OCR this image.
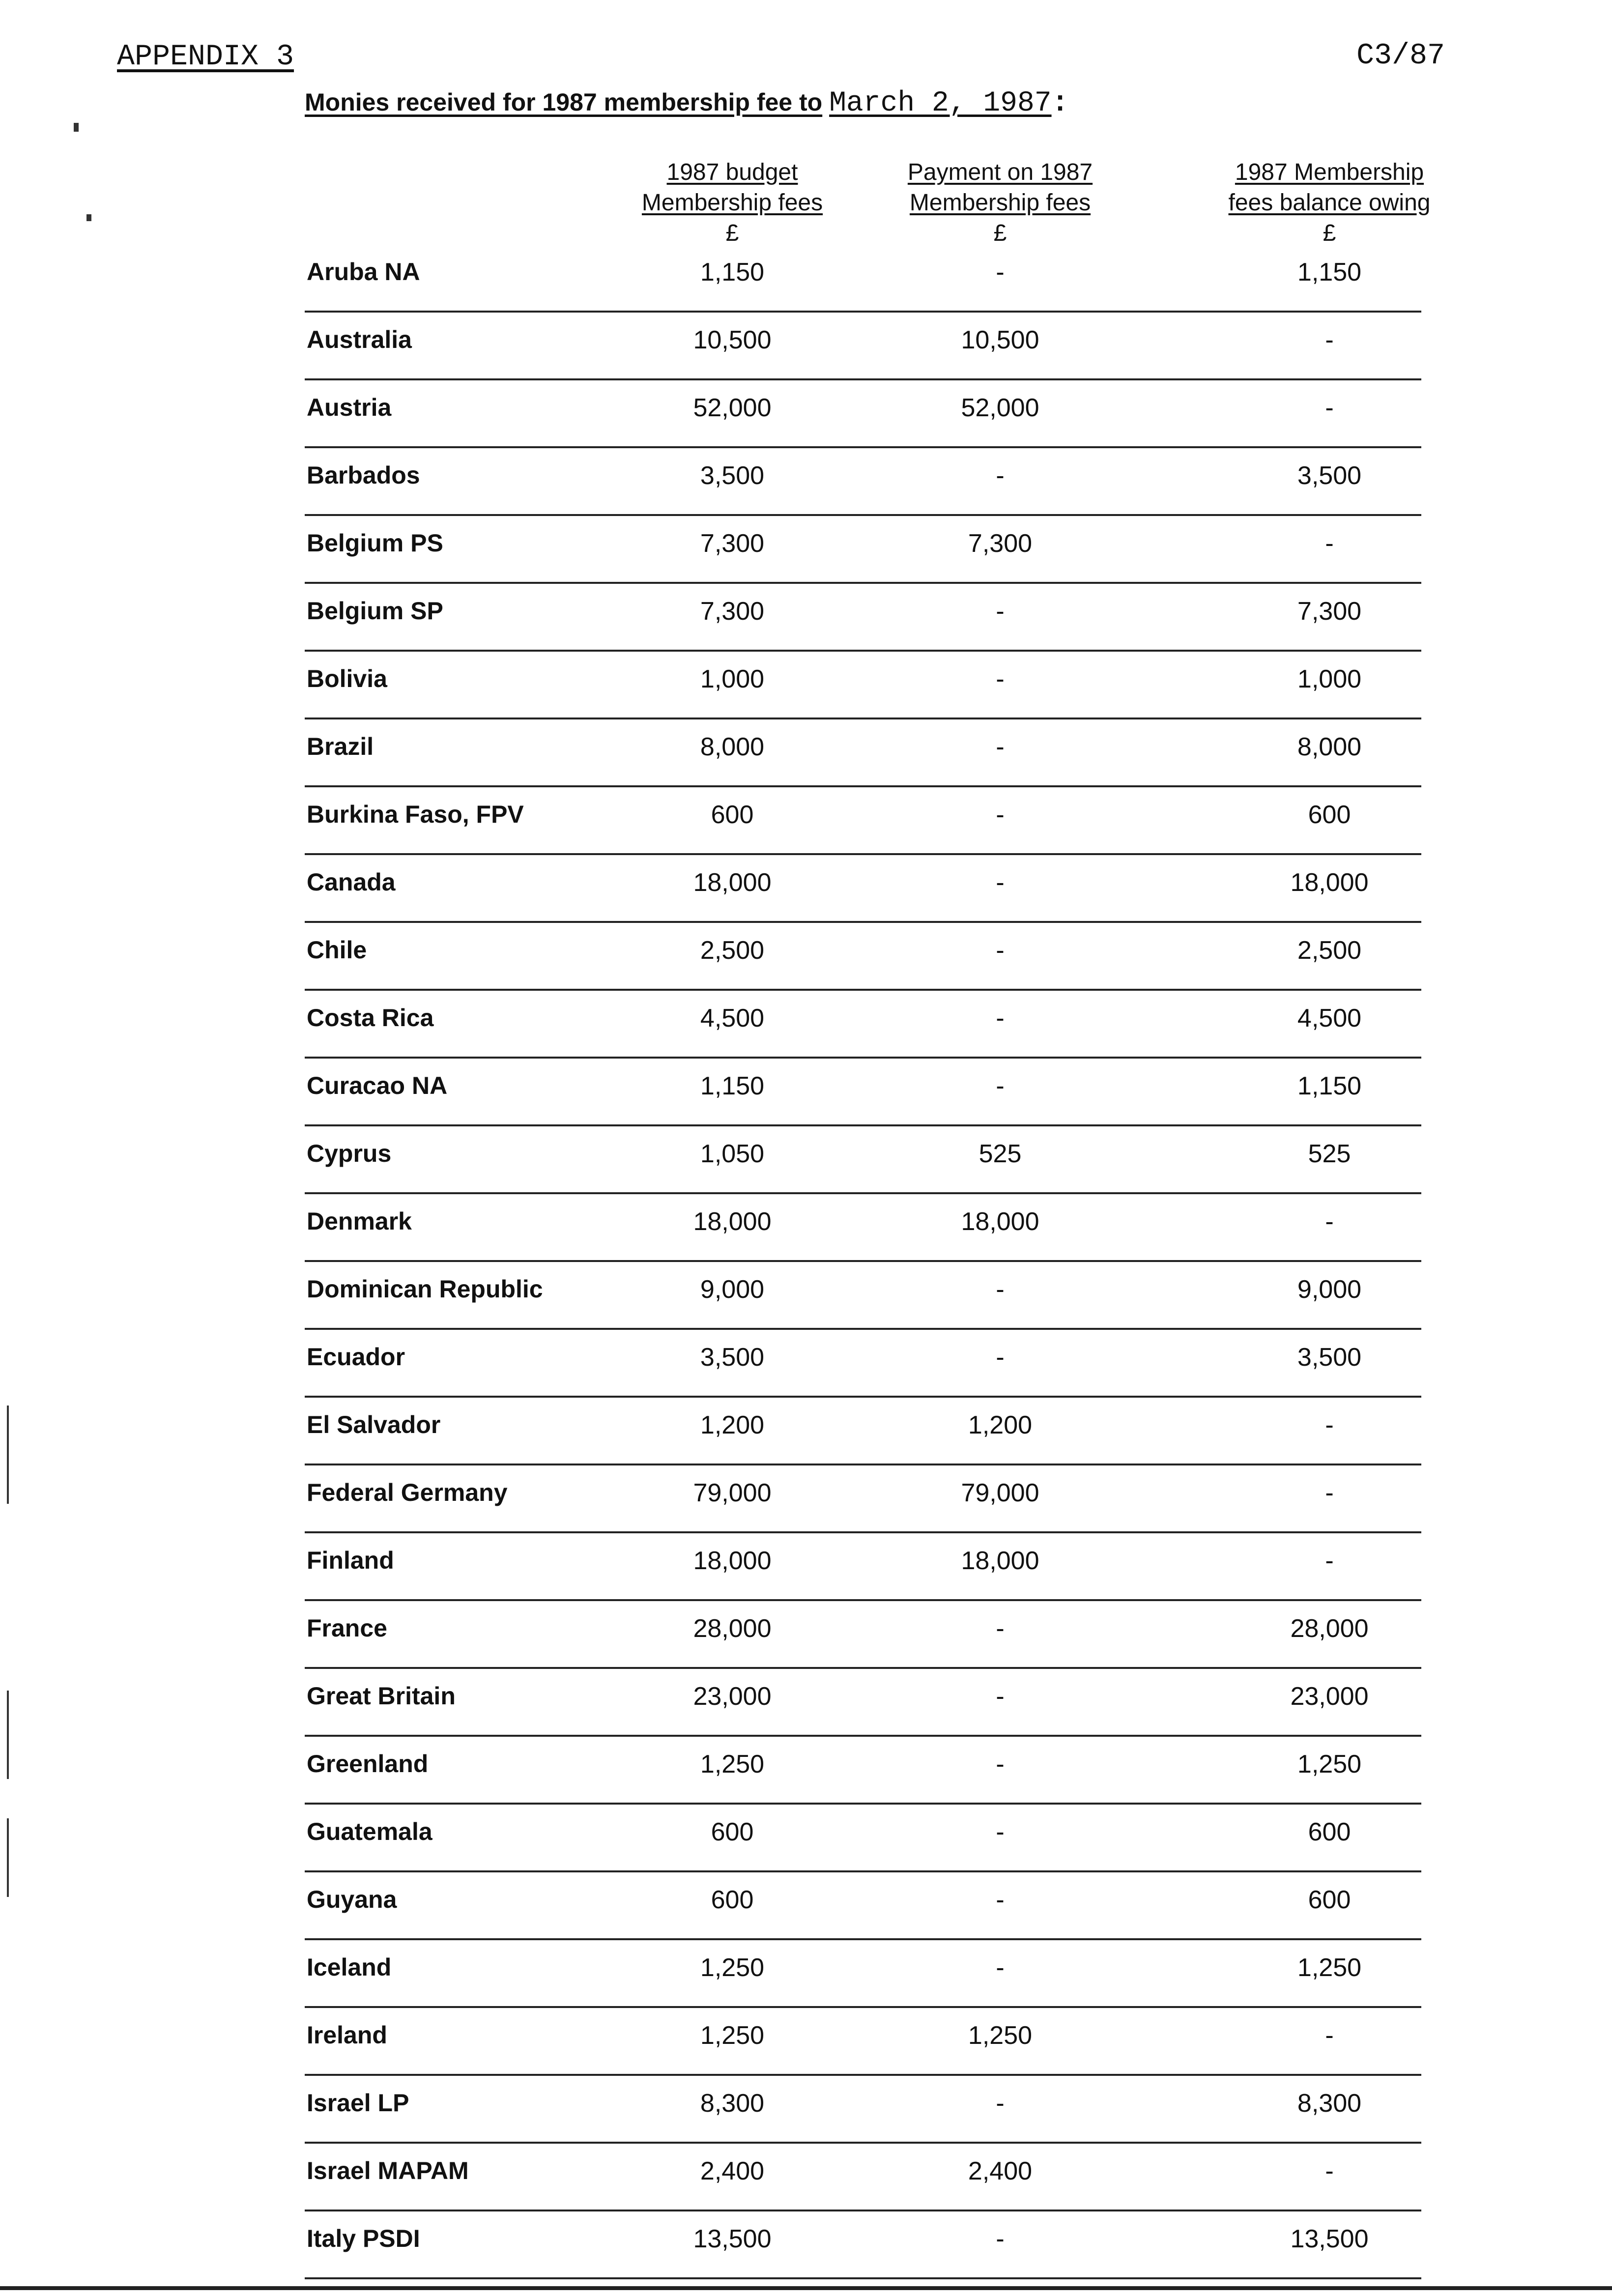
APPENDIX 3	C3/87
Monies received for 1987 membership fee to March 2, 1987:
1987 budget
Membership fees
£
Payment on 1987
Membership fees
£
1987 Membership
fees balance owing
£
Aruba NA	1,150	-	1,150
Australia	10,500	10,500	-
Austria	52,000	52,000	-
Barbados	3,500	-	3,500
Belgium PS	7,300	7,300	-
Belgium SP	7,300	-	7,300
Bolivia	1,000	-	1,000
Brazil	8,000	-	8,000
Burkina Faso, FPV	600	-	600
Canada	18,000	-	18,000
Chile	2,500	-	2,500
Costa Rica	4,500	-	4,500
Curacao NA	1,150	-	1,150
Cyprus	1,050	525	525
Denmark	18,000	18,000	-
Dominican Republic	9,000	-	9,000
Ecuador	3,500	-	3,500
El Salvador	1,200	1,200	-
Federal Germany	79,000	79,000	-
Finland	18,000	18,000	-
France	28,000	-	28,000
Great Britain	23,000	-	23,000
Greenland	1,250	-	1,250
Guatemala	600	-	600
Guyana	600	-	600
Iceland	1,250	-	1,250
Ireland	1,250	1,250	-
Israel LP	8,300	-	8,300
Israel MAPAM	2,400	2,400	-
Italy PSDI	13,500	-	13,500
